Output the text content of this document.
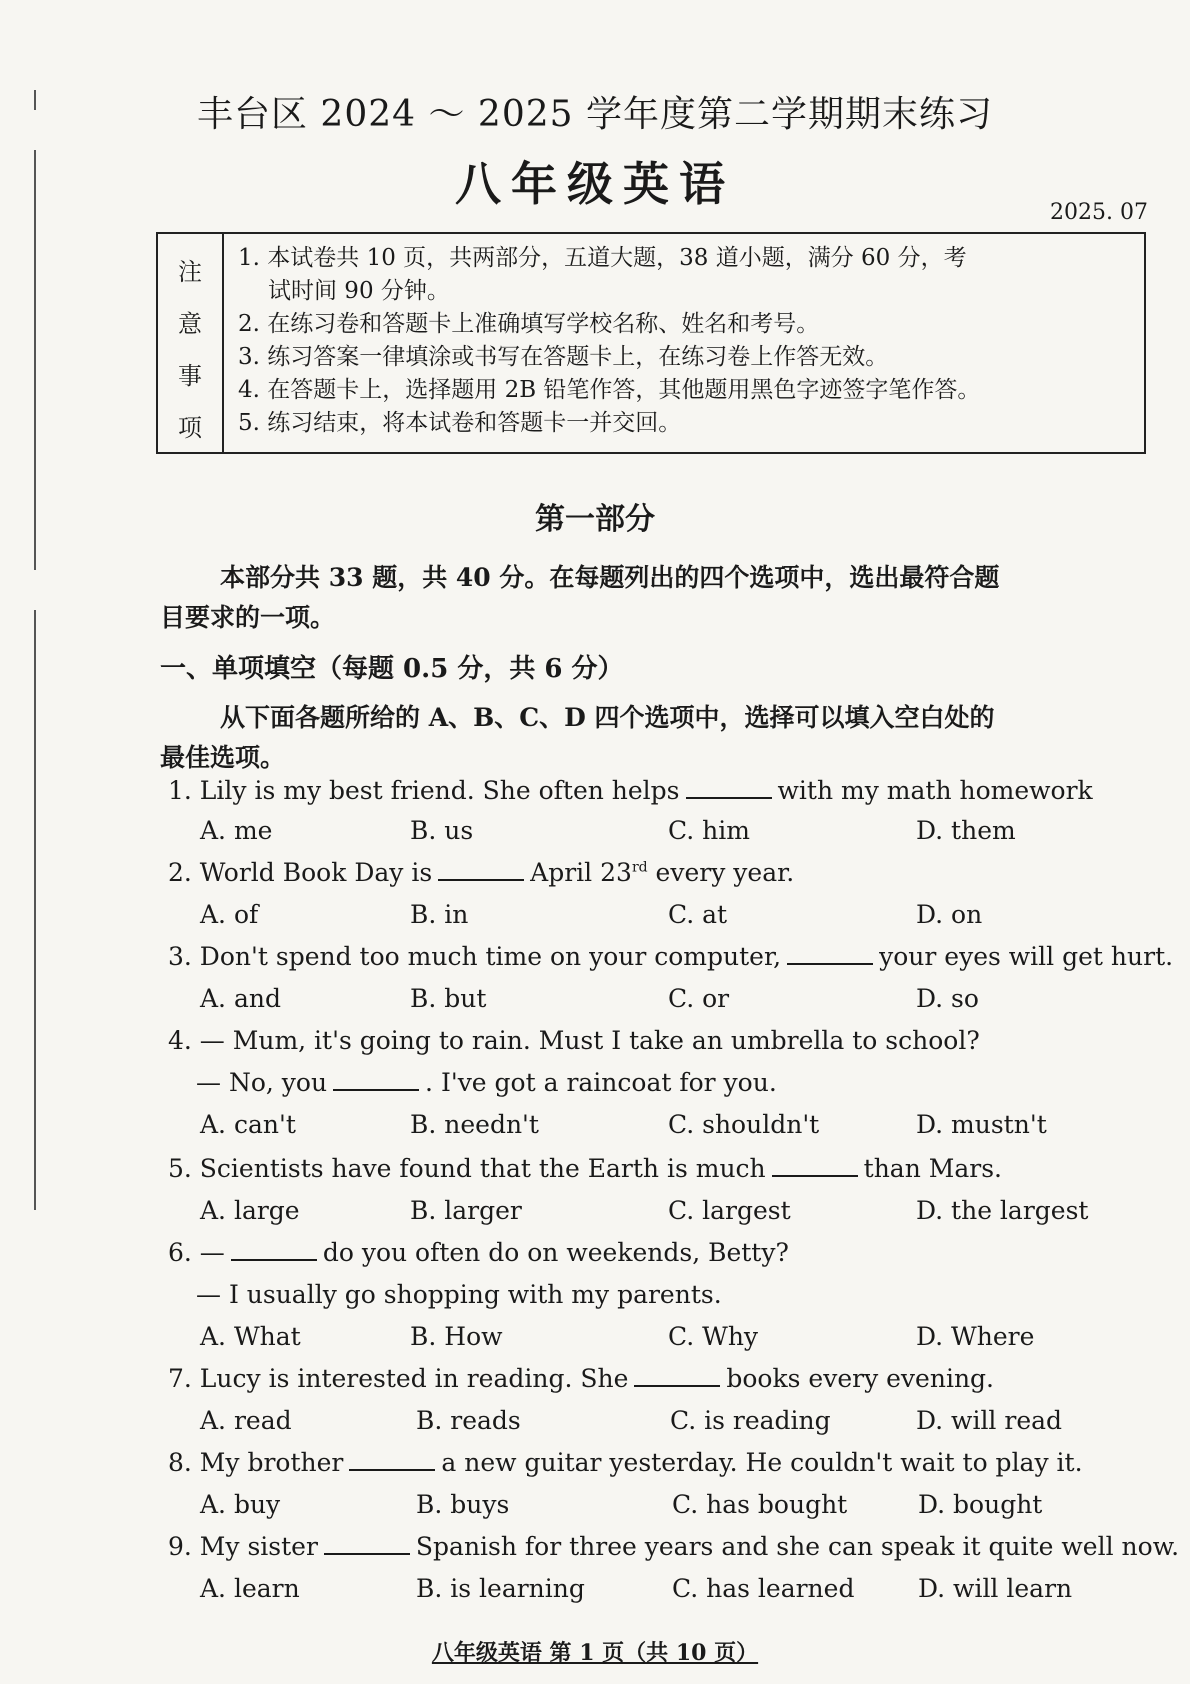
丰台区 2024 ～ 2025 学年度第二学期期末练习
八年级英语
2025. 07
注
意
事
项
1. 本试卷共 10 页，共两部分，五道大题，38 道小题，满分 60 分，考
试时间 90 分钟。
2. 在练习卷和答题卡上准确填写学校名称、姓名和考号。
3. 练习答案一律填涂或书写在答题卡上，在练习卷上作答无效。
4. 在答题卡上，选择题用 2B 铅笔作答，其他题用黑色字迹签字笔作答。
5. 练习结束，将本试卷和答题卡一并交回。
第一部分
本部分共 33 题，共 40 分。在每题列出的四个选项中，选出最符合题
目要求的一项。
一、单项填空（每题 0.5 分，共 6 分）
从下面各题所给的 A、B、C、D 四个选项中，选择可以填入空白处的
最佳选项。
1. Lily is my best friend. She often helps	with my math homework
A. me	B. us	C. him	D. them
2. World Book Day is	April 23rd every year.
A. of	B. in	C. at	D. on
3. Don't spend too much time on your computer,	your eyes will get hurt.
A. and	B. but	C. or	D. so
4. — Mum, it's going to rain. Must I take an umbrella to school?
— No, you	. I've got a raincoat for you.
A. can't	B. needn't	C. shouldn't	D. mustn't
5. Scientists have found that the Earth is much	than Mars.
A. large	B. larger	C. largest	D. the largest
6. —	do you often do on weekends, Betty?
— I usually go shopping with my parents.
A. What	B. How	C. Why	D. Where
7. Lucy is interested in reading. She	books every evening.
A. read	B. reads	C. is reading	D. will read
8. My brother	a new guitar yesterday. He couldn't wait to play it.
A. buy	B. buys	C. has bought	D. bought
9. My sister	Spanish for three years and she can speak it quite well now.
A. learn	B. is learning	C. has learned	D. will learn
八年级英语 第 1 页（共 10 页）
